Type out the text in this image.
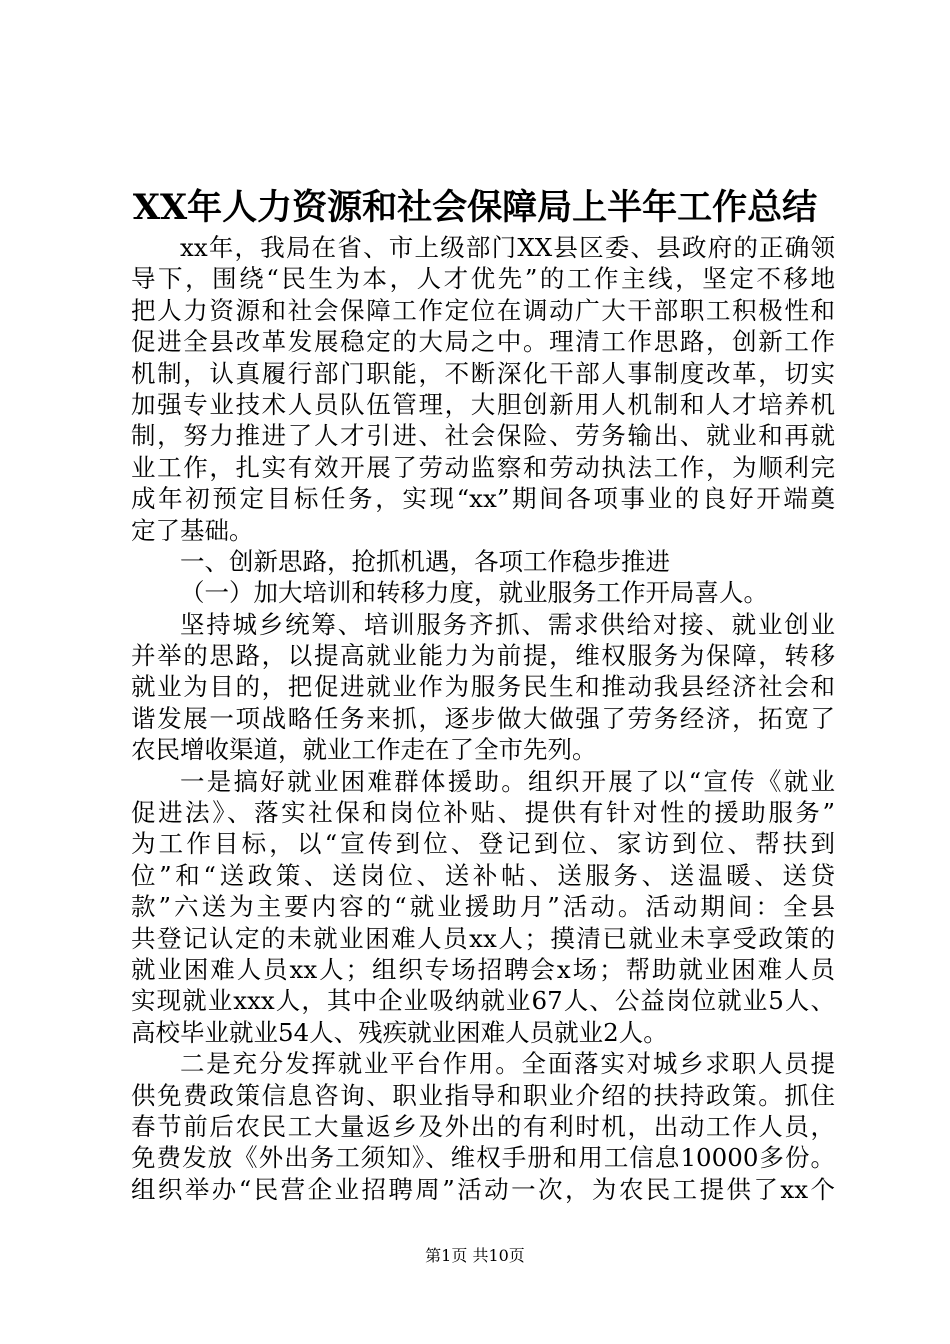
XX年人力资源和社会保障局上半年工作总结
xx年，我局在省、市上级部门XX县区委、县政府的正确领
导下，围绕“民生为本，人才优先”的工作主线，坚定不移地
把人力资源和社会保障工作定位在调动广大干部职工积极性和
促进全县改革发展稳定的大局之中。理清工作思路，创新工作
机制，认真履行部门职能，不断深化干部人事制度改革，切实
加强专业技术人员队伍管理，大胆创新用人机制和人才培养机
制，努力推进了人才引进、社会保险、劳务输出、就业和再就
业工作，扎实有效开展了劳动监察和劳动执法工作，为顺利完
成年初预定目标任务，实现“xx”期间各项事业的良好开端奠
定了基础。
一、创新思路，抢抓机遇，各项工作稳步推进
（一）加大培训和转移力度，就业服务工作开局喜人。
坚持城乡统筹、培训服务齐抓、需求供给对接、就业创业
并举的思路，以提高就业能力为前提，维权服务为保障，转移
就业为目的，把促进就业作为服务民生和推动我县经济社会和
谐发展一项战略任务来抓，逐步做大做强了劳务经济，拓宽了
农民增收渠道，就业工作走在了全市先列。
一是搞好就业困难群体援助。组织开展了以“宣传《就业
促进法》、落实社保和岗位补贴、提供有针对性的援助服务”
为工作目标，以“宣传到位、登记到位、家访到位、帮扶到
位”和“送政策、送岗位、送补帖、送服务、送温暖、送贷
款”六送为主要内容的“就业援助月”活动。活动期间：全县
共登记认定的未就业困难人员xx人；摸清已就业未享受政策的
就业困难人员xx人；组织专场招聘会x场；帮助就业困难人员
实现就业xxx人，其中企业吸纳就业67人、公益岗位就业5人、
高校毕业就业54人、残疾就业困难人员就业2人。
二是充分发挥就业平台作用。全面落实对城乡求职人员提
供免费政策信息咨询、职业指导和职业介绍的扶持政策。抓住
春节前后农民工大量返乡及外出的有利时机，出动工作人员，
免费发放《外出务工须知》、维权手册和用工信息10000多份。
组织举办“民营企业招聘周”活动一次，为农民工提供了xx个
第1页 共10页
